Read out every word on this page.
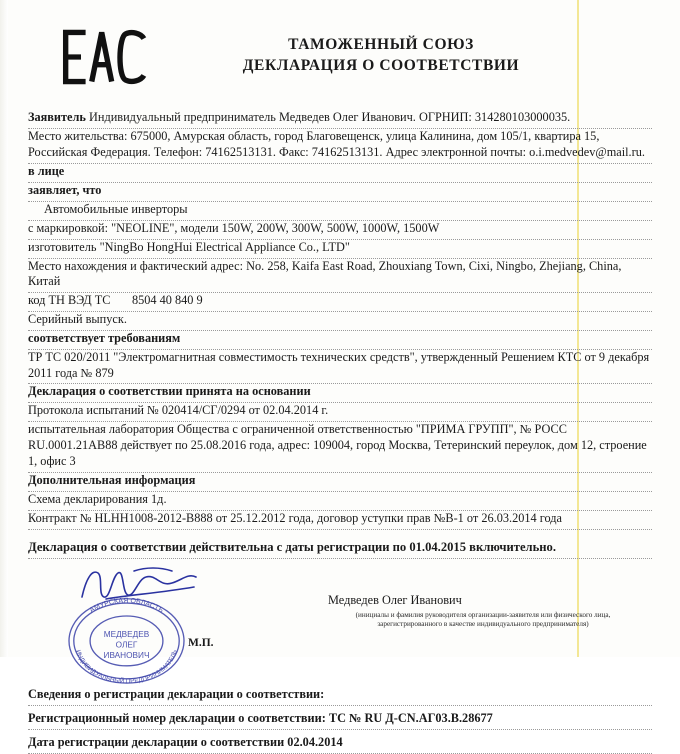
ТАМОЖЕННЫЙ СОЮЗ
ДЕКЛАРАЦИЯ О СООТВЕТСТВИИ
Заявитель Индивидуальный предприниматель Медведев Олег Иванович. ОГРНИП: 314280103000035.
Место жительства: 675000, Амурская область, город Благовещенск, улица Калинина, дом 105/1, квартира 15, Российская Федерация. Телефон: 74162513131. Факс: 74162513131. Адрес электронной почты: o.i.medvedev@mail.ru.
в лице
заявляет, что
Автомобильные инверторы
с маркировкой: "NEOLINE", модели 150W, 200W, 300W, 500W, 1000W, 1500W
изготовитель "NingBo HongHui Electrical Appliance Co., LTD"
Место нахождения и фактический адрес: No. 258, Kaifa East Road, Zhouxiang Town, Cixi, Ningbo, Zhejiang, China, Китай
код ТН ВЭД ТС 8504 40 840 9
Серийный выпуск.
соответствует требованиям
ТР ТС 020/2011 "Электромагнитная совместимость технических средств", утвержденный Решением КТС от 9 декабря 2011 года № 879
Декларация о соответствии принята на основании
Протокола испытаний № 020414/СГ/0294 от 02.04.2014 г.
испытательная лаборатория Общества с ограниченной ответственностью "ПРИМА ГРУПП", № РОСС RU.0001.21АВ88 действует по 25.08.2016 года, адрес: 109004, город Москва, Тетеринский переулок, дом 12, строение 1, офис 3
Дополнительная информация
Схема декларирования 1д.
Контракт № HLHH1008-2012-В888 от 25.12.2012 года, договор уступки прав №В-1 от 26.03.2014 года
Декларация о соответствии действительна с даты регистрации по 01.04.2015 включительно.
АМУРСКАЯ ОБЛАСТЬ
ИНДИВИДУАЛЬНЫЙ ПРЕДПРИНИМАТЕЛЬ
МЕДВЕДЕВ
ОЛЕГ
ИВАНОВИЧ
М.П.
Медведев Олег Иванович
(инициалы и фамилия руководителя организации-заявителя или физического лица, зарегистрированного в качестве индивидуального предпринимателя)
Сведения о регистрации декларации о соответствии:
Регистрационный номер декларации о соответствии: ТС № RU Д-CN.АГ03.В.28677
Дата регистрации декларации о соответствии 02.04.2014
